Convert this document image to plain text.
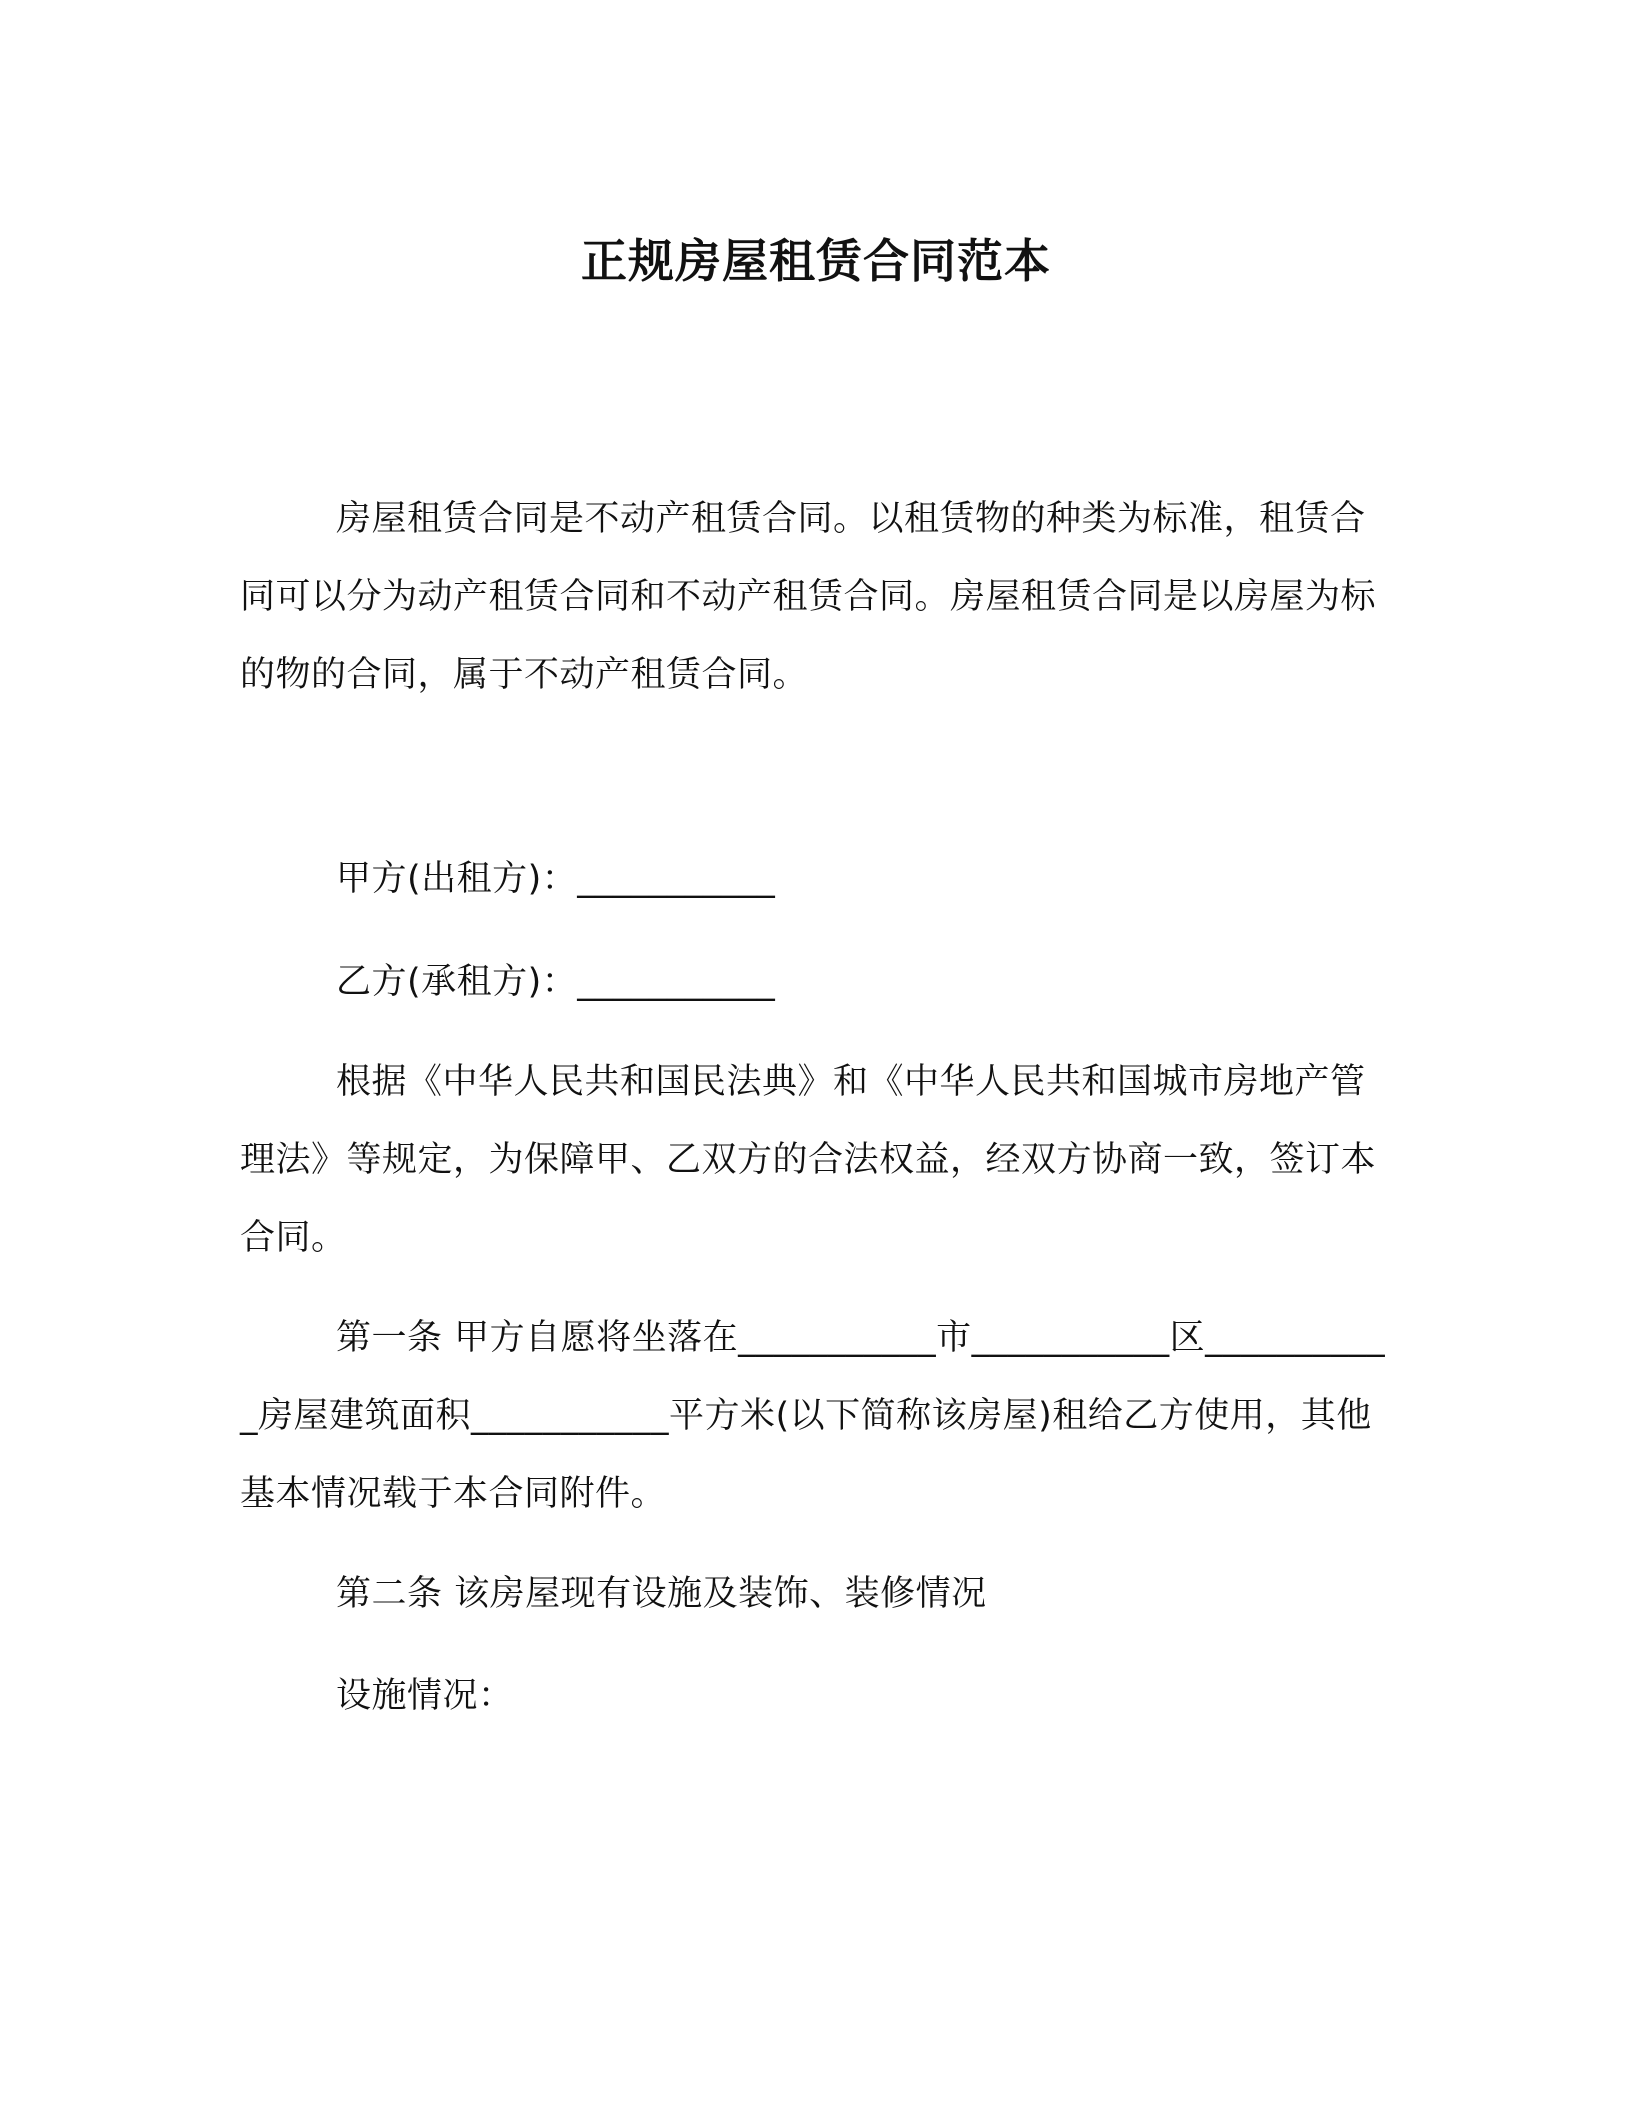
正规房屋租赁合同范本

房屋租赁合同是不动产租赁合同。以租赁物的种类为标准，租赁合同可以分为动产租赁合同和不动产租赁合同。房屋租赁合同是以房屋为标的物的合同，属于不动产租赁合同。

甲方(出租方)：___________

乙方(承租方)：___________

根据《中华人民共和国民法典》和《中华人民共和国城市房地产管理法》等规定，为保障甲、乙双方的合法权益，经双方协商一致，签订本合同。

第一条 甲方自愿将坐落在___________市___________区___________房屋建筑面积___________平方米(以下简称该房屋)租给乙方使用，其他基本情况载于本合同附件。

第二条 该房屋现有设施及装饰、装修情况

设施情况：
